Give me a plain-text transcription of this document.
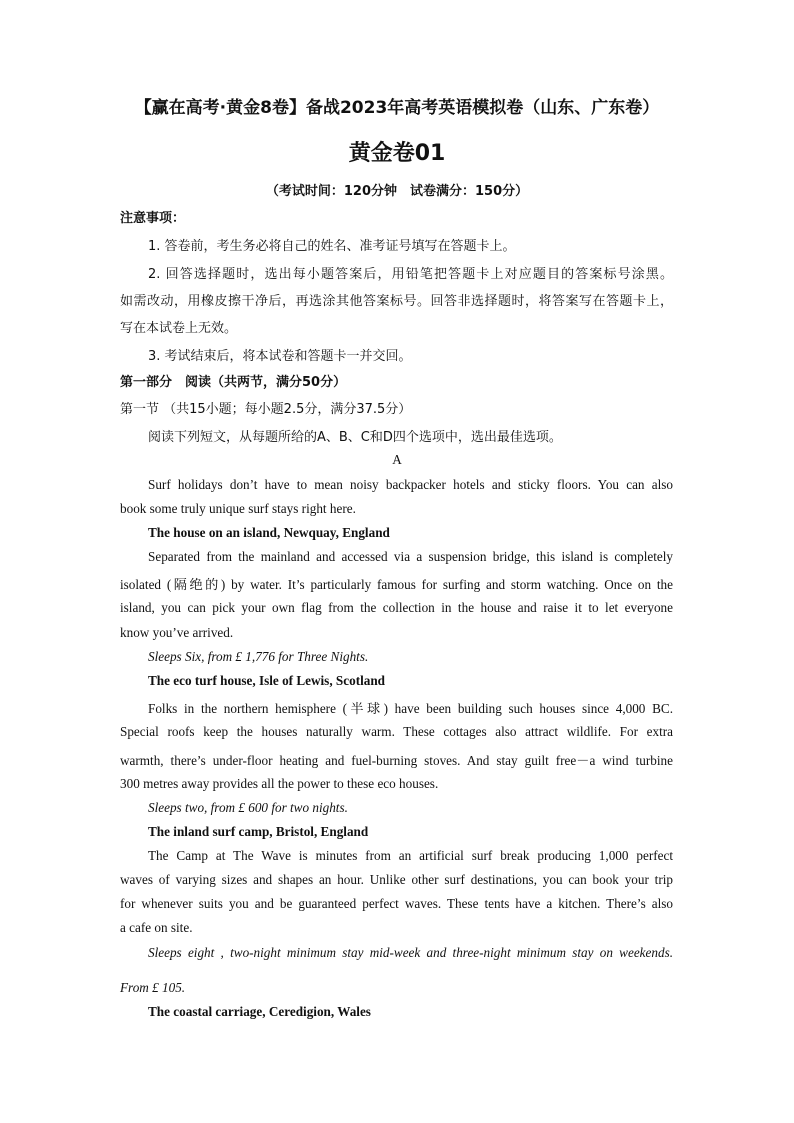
【赢在高考·黄金8卷】备战2023年高考英语模拟卷（山东、广东卷）
黄金卷01
（考试时间：120分钟　试卷满分：150分）
注意事项：
1. 答卷前，考生务必将自己的姓名、准考证号填写在答题卡上。
2. 回答选择题时，选出每小题答案后，用铅笔把答题卡上对应题目的答案标号涂黑。
如需改动，用橡皮擦干净后，再选涂其他答案标号。回答非选择题时，将答案写在答题卡上，
写在本试卷上无效。
3. 考试结束后，将本试卷和答题卡一并交回。
第一部分　阅读（共两节，满分50分）
第一节 （共15小题；每小题2.5分，满分37.5分）
阅读下列短文，从每题所给的A、B、C和D四个选项中，选出最佳选项。
A
Surf holidays don’t have to mean noisy backpacker hotels and sticky floors. You can also
book some truly unique surf stays right here.
The house on an island, Newquay, England
Separated from the mainland and accessed via a suspension bridge, this island is completely
isolated (隔绝的) by water. It’s particularly famous for surfing and storm watching. Once on the
island, you can pick your own flag from the collection in the house and raise it to let everyone
know you’ve arrived.
Sleeps Six, from £ 1,776 for Three Nights.
The eco turf house, Isle of Lewis, Scotland
Folks in the northern hemisphere (半球) have been building such houses since 4,000 BC.
Special roofs keep the houses naturally warm. These cottages also attract wildlife. For extra
warmth, there’s under-floor heating and fuel-burning stoves. And stay guilt free－a wind turbine
300 metres away provides all the power to these eco houses.
Sleeps two, from £ 600 for two nights.
The inland surf camp, Bristol, England
The Camp at The Wave is minutes from an artificial surf break producing 1,000 perfect
waves of varying sizes and shapes an hour. Unlike other surf destinations, you can book your trip
for whenever suits you and be guaranteed perfect waves. These tents have a kitchen. There’s also
a cafe on site.
Sleeps eight , two-night minimum stay mid-week and three-night minimum stay on weekends.
From £ 105.
The coastal carriage, Ceredigion, Wales
